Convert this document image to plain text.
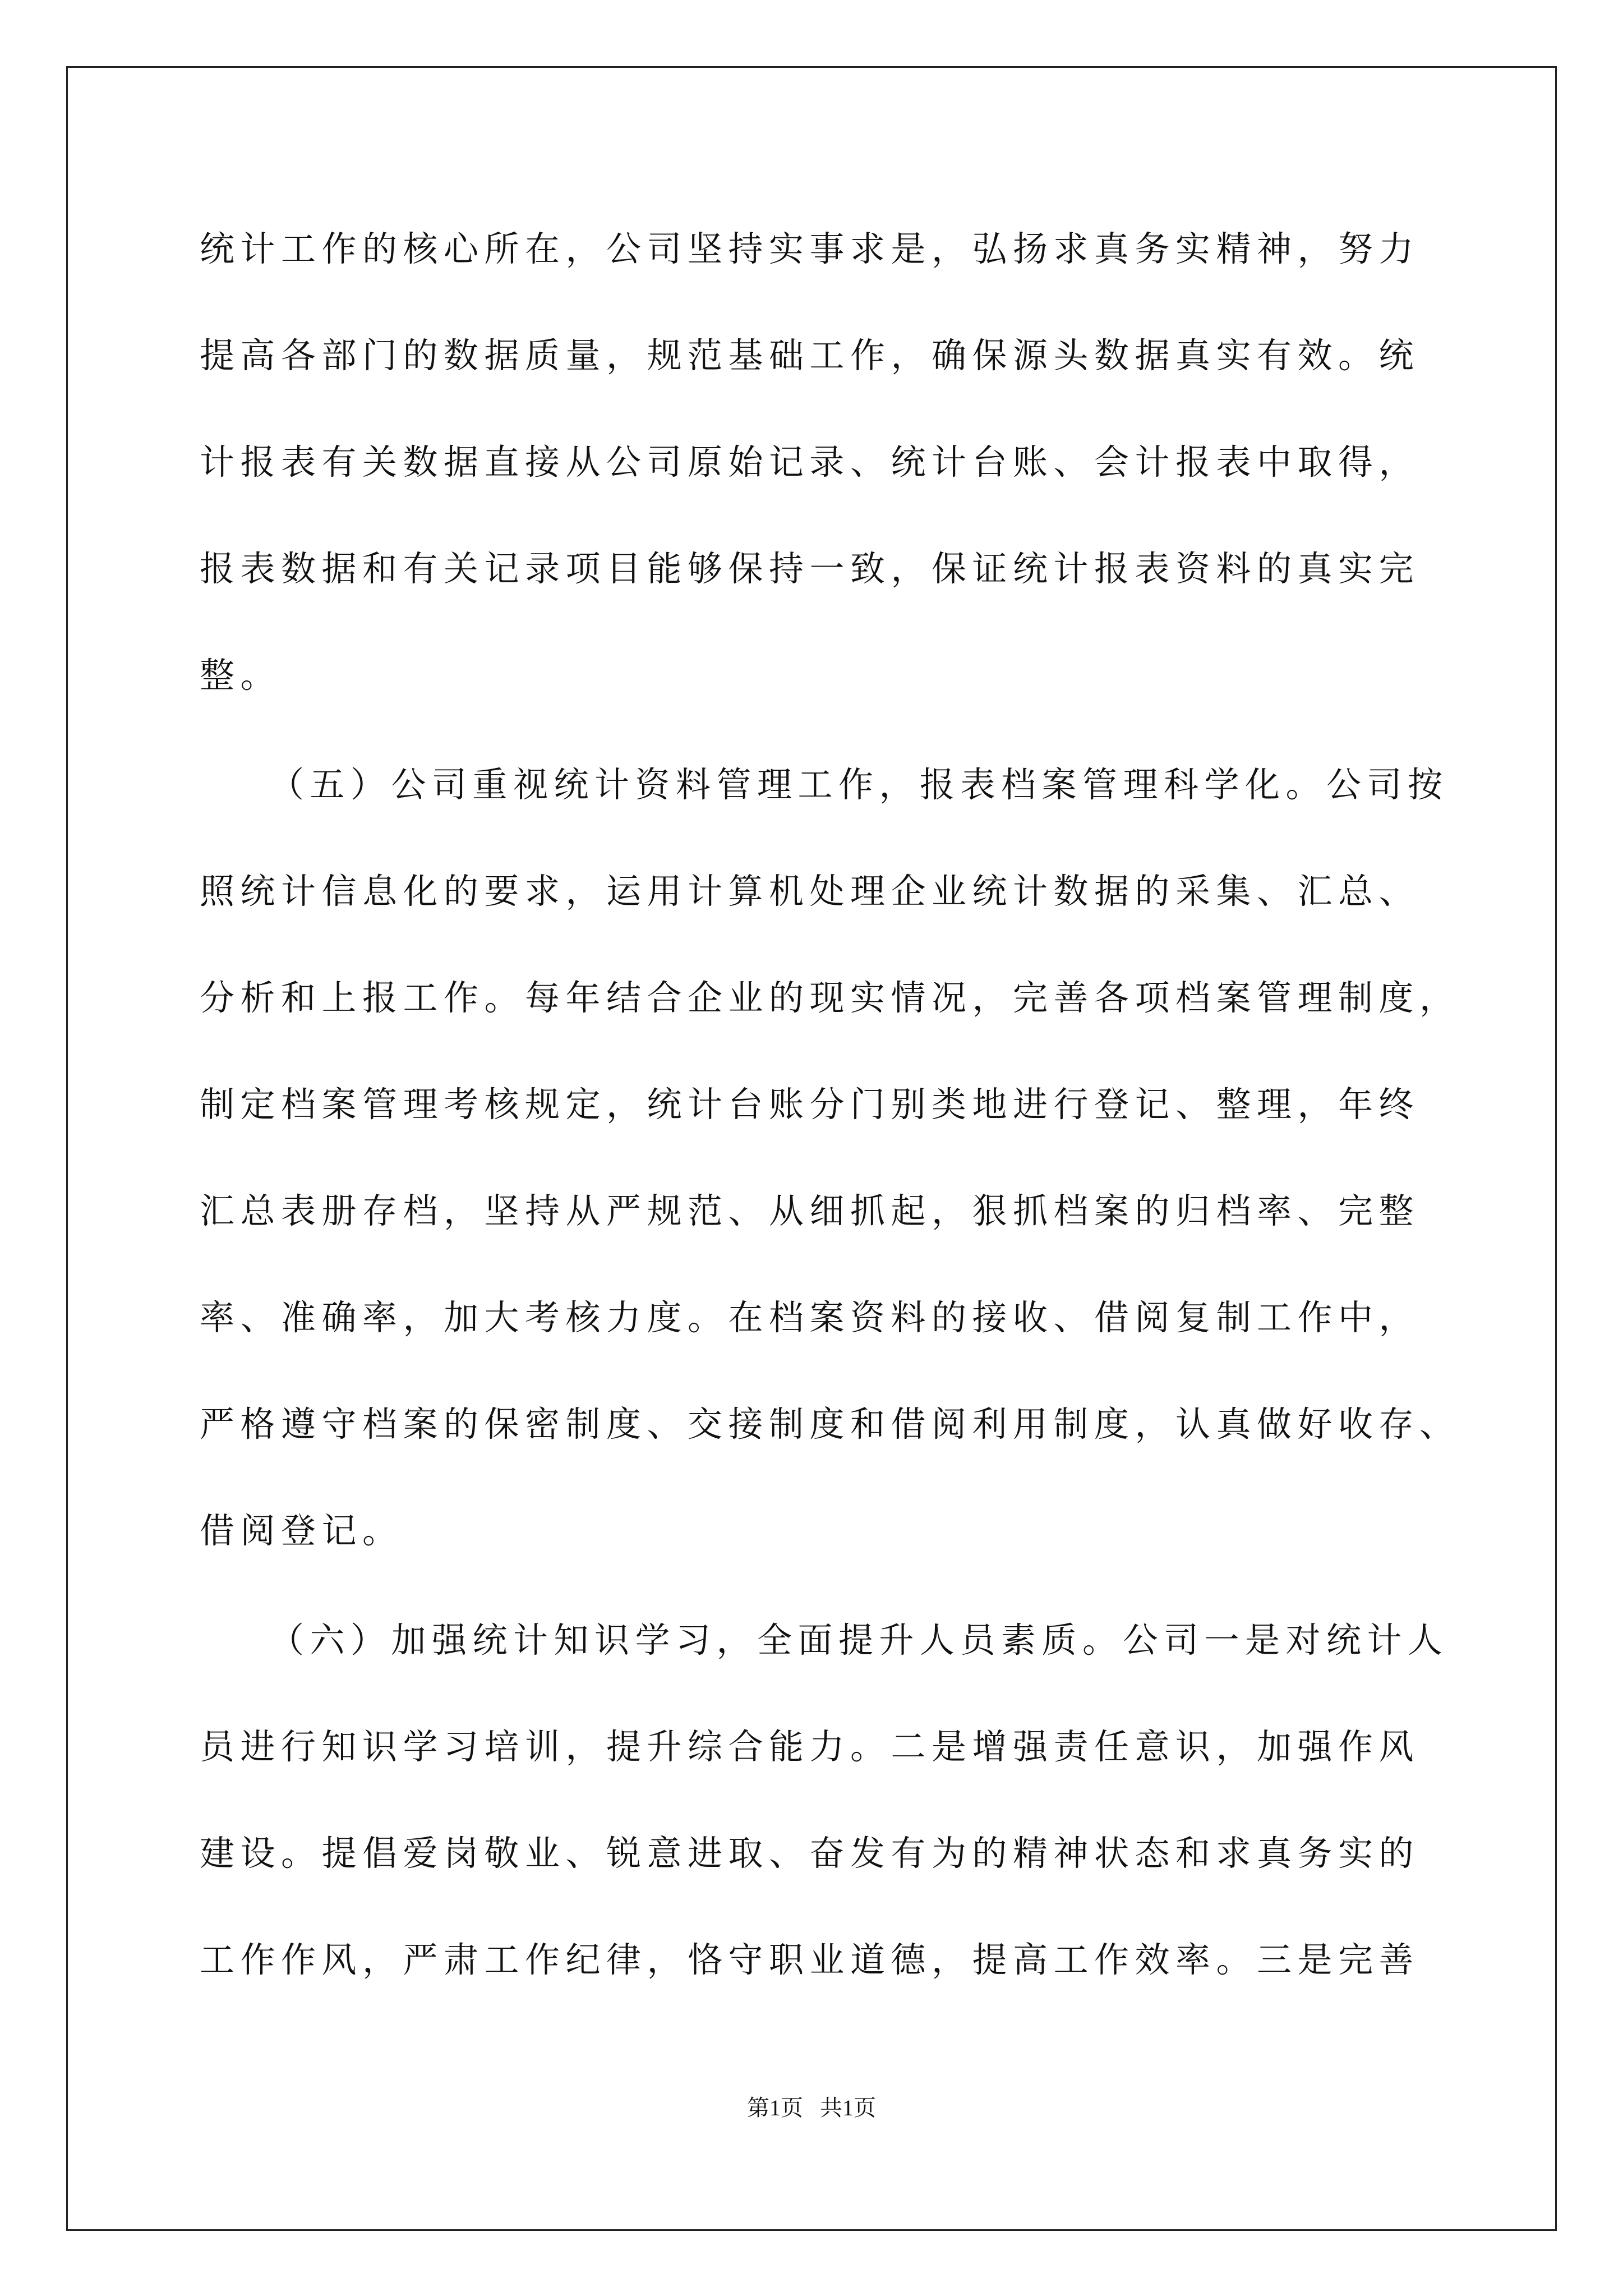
统计工作的核心所在，公司坚持实事求是，弘扬求真务实精神，努力
提高各部门的数据质量，规范基础工作，确保源头数据真实有效。统
计报表有关数据直接从公司原始记录、统计台账、会计报表中取得，
报表数据和有关记录项目能够保持一致，保证统计报表资料的真实完
整。
（五）公司重视统计资料管理工作，报表档案管理科学化。公司按
照统计信息化的要求，运用计算机处理企业统计数据的采集、汇总、
分析和上报工作。每年结合企业的现实情况，完善各项档案管理制度，
制定档案管理考核规定，统计台账分门别类地进行登记、整理，年终
汇总表册存档，坚持从严规范、从细抓起，狠抓档案的归档率、完整
率、准确率，加大考核力度。在档案资料的接收、借阅复制工作中，
严格遵守档案的保密制度、交接制度和借阅利用制度，认真做好收存、
借阅登记。
（六）加强统计知识学习，全面提升人员素质。公司一是对统计人
员进行知识学习培训，提升综合能力。二是增强责任意识，加强作风
建设。提倡爱岗敬业、锐意进取、奋发有为的精神状态和求真务实的
工作作风，严肃工作纪律，恪守职业道德，提高工作效率。三是完善
第1页   共1页
